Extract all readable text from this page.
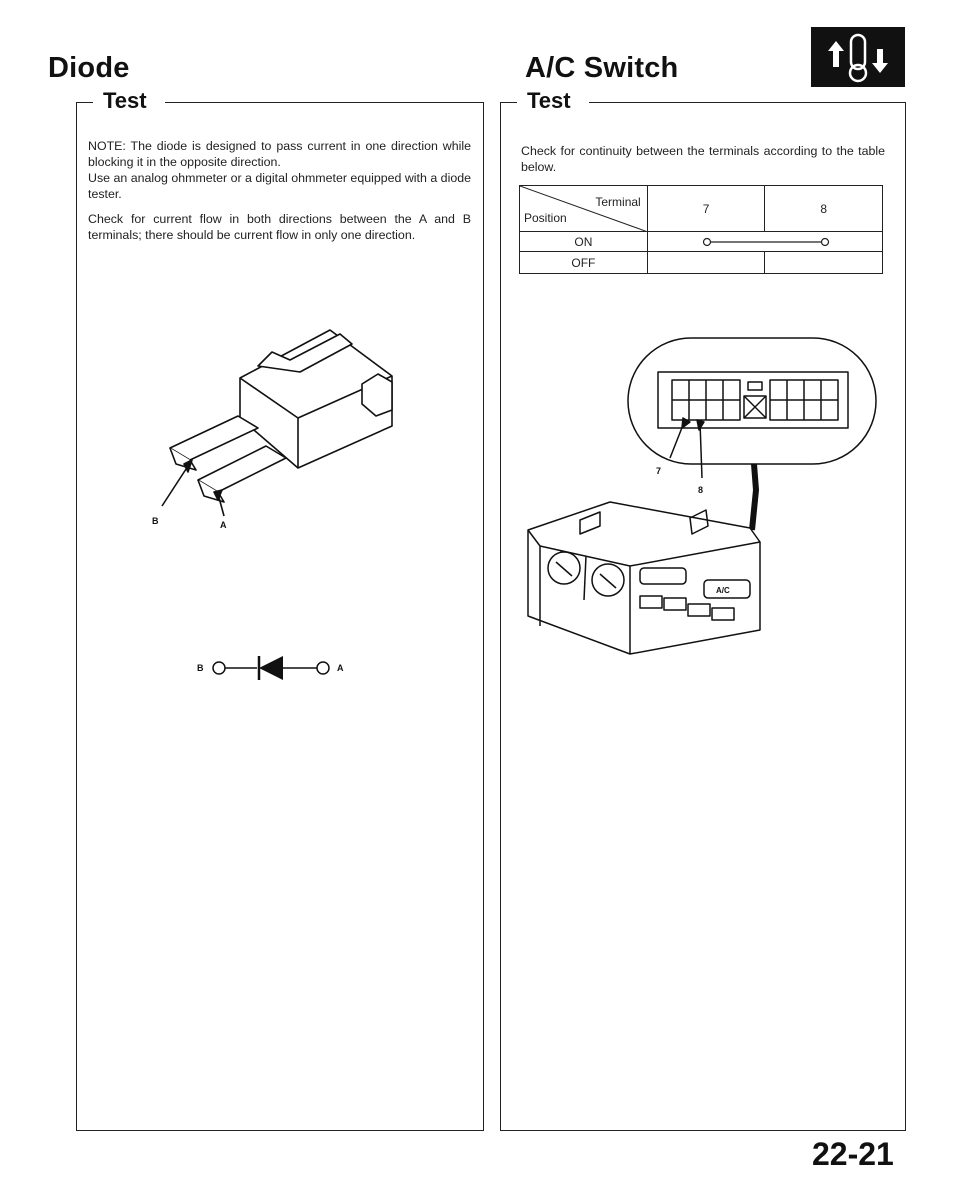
Diode	A/C Switch
Test

NOTE: The diode is designed to pass current in one direction while blocking it in the opposite direction.

Use an analog ohmmeter or a digital ohmmeter equipped with a diode tester.

Check for current flow in both directions between the A and B terminals; there should be current flow in only one direction.

B	A
B	A
Test
Check for continuity between the terminals according to the table below.
Terminal
Position	7	8
ON	

OFF		
A/C
7
8
22-21
